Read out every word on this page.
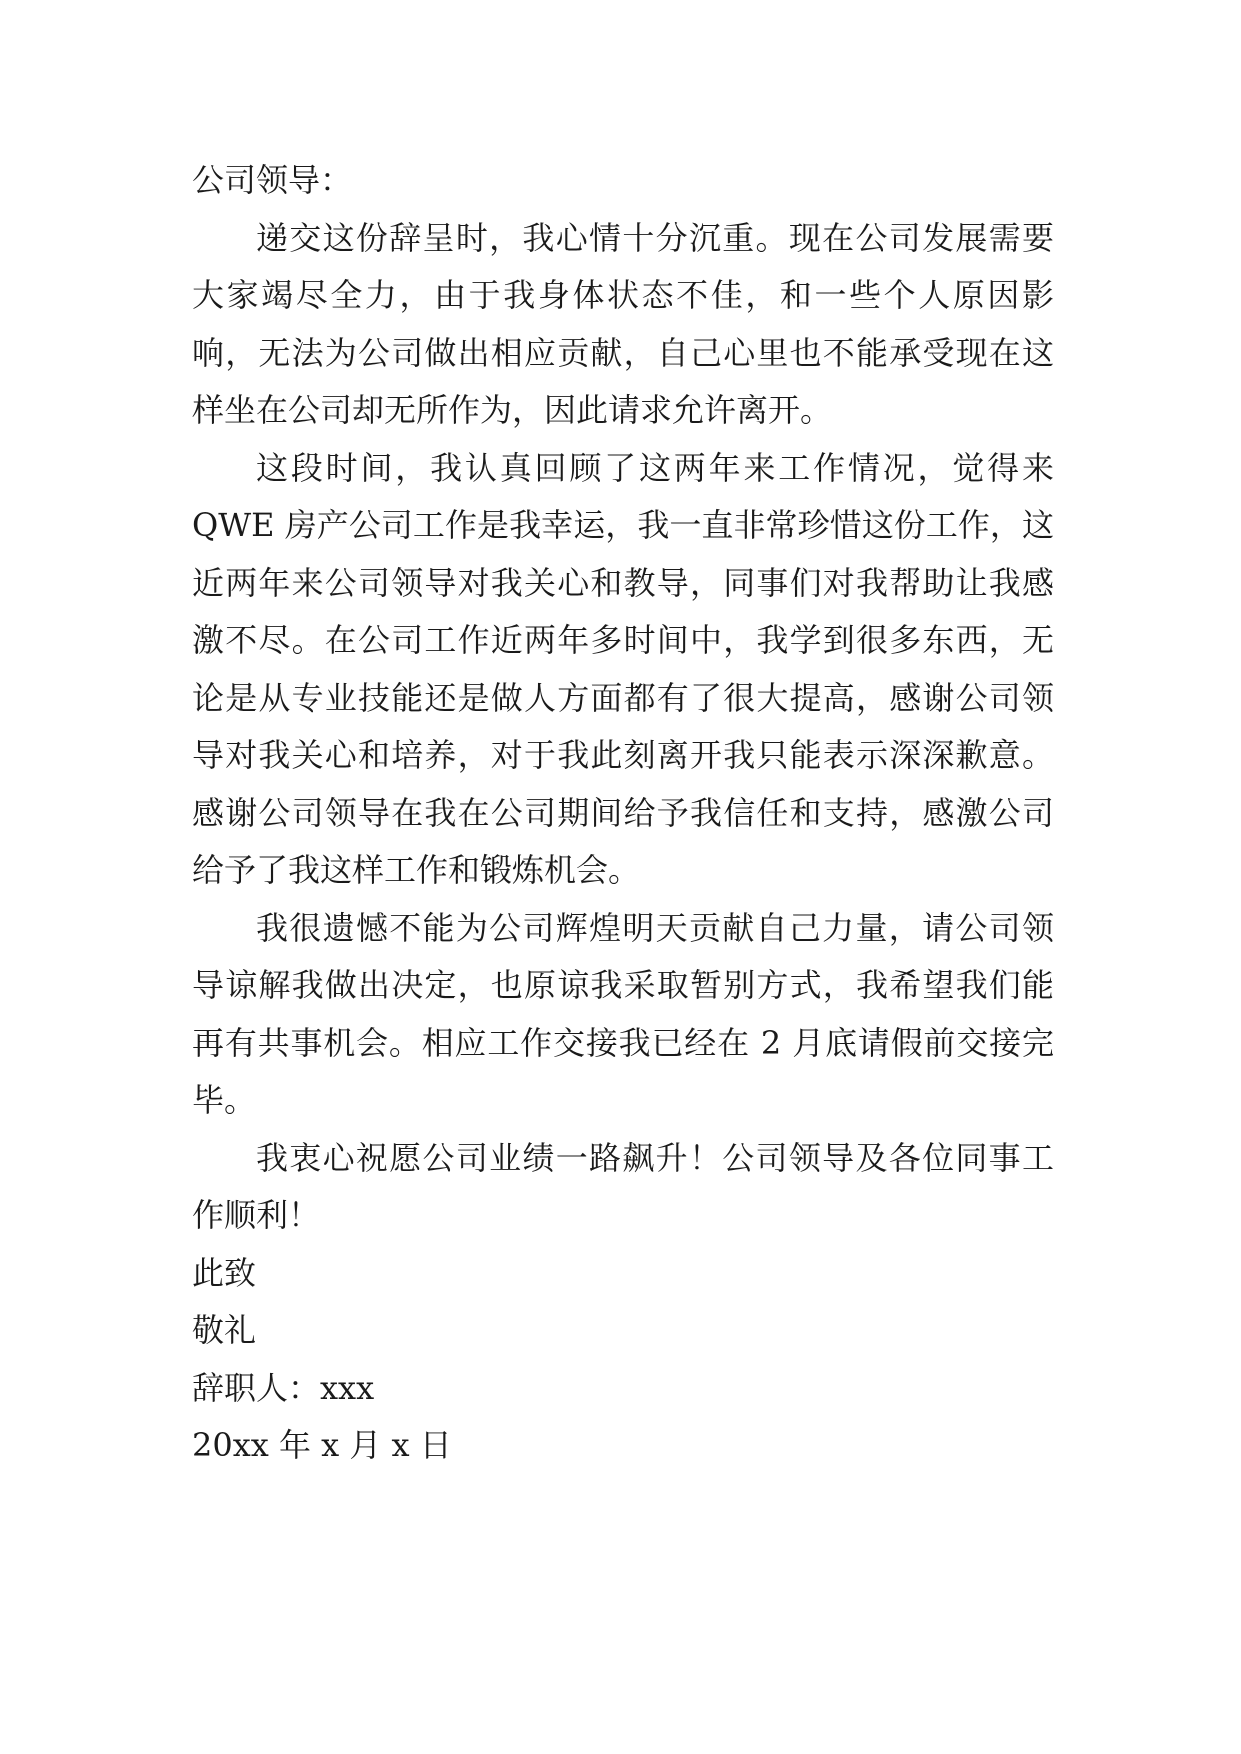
公司领导：

递交这份辞呈时，我心情十分沉重。现在公司发展需要大家竭尽全力，由于我身体状态不佳，和一些个人原因影响，无法为公司做出相应贡献，自己心里也不能承受现在这样坐在公司却无所作为，因此请求允许离开。

这段时间，我认真回顾了这两年来工作情况，觉得来 QWE 房产公司工作是我幸运，我一直非常珍惜这份工作，这近两年来公司领导对我关心和教导，同事们对我帮助让我感激不尽。在公司工作近两年多时间中，我学到很多东西，无论是从专业技能还是做人方面都有了很大提高，感谢公司领导对我关心和培养，对于我此刻离开我只能表示深深歉意。感谢公司领导在我在公司期间给予我信任和支持，感激公司给予了我这样工作和锻炼机会。

我很遗憾不能为公司辉煌明天贡献自己力量，请公司领导谅解我做出决定，也原谅我采取暂别方式，我希望我们能再有共事机会。相应工作交接我已经在 2 月底请假前交接完毕。

我衷心祝愿公司业绩一路飙升！公司领导及各位同事工作顺利！

此致

敬礼

辞职人：xxx

20xx 年 x 月 x 日
